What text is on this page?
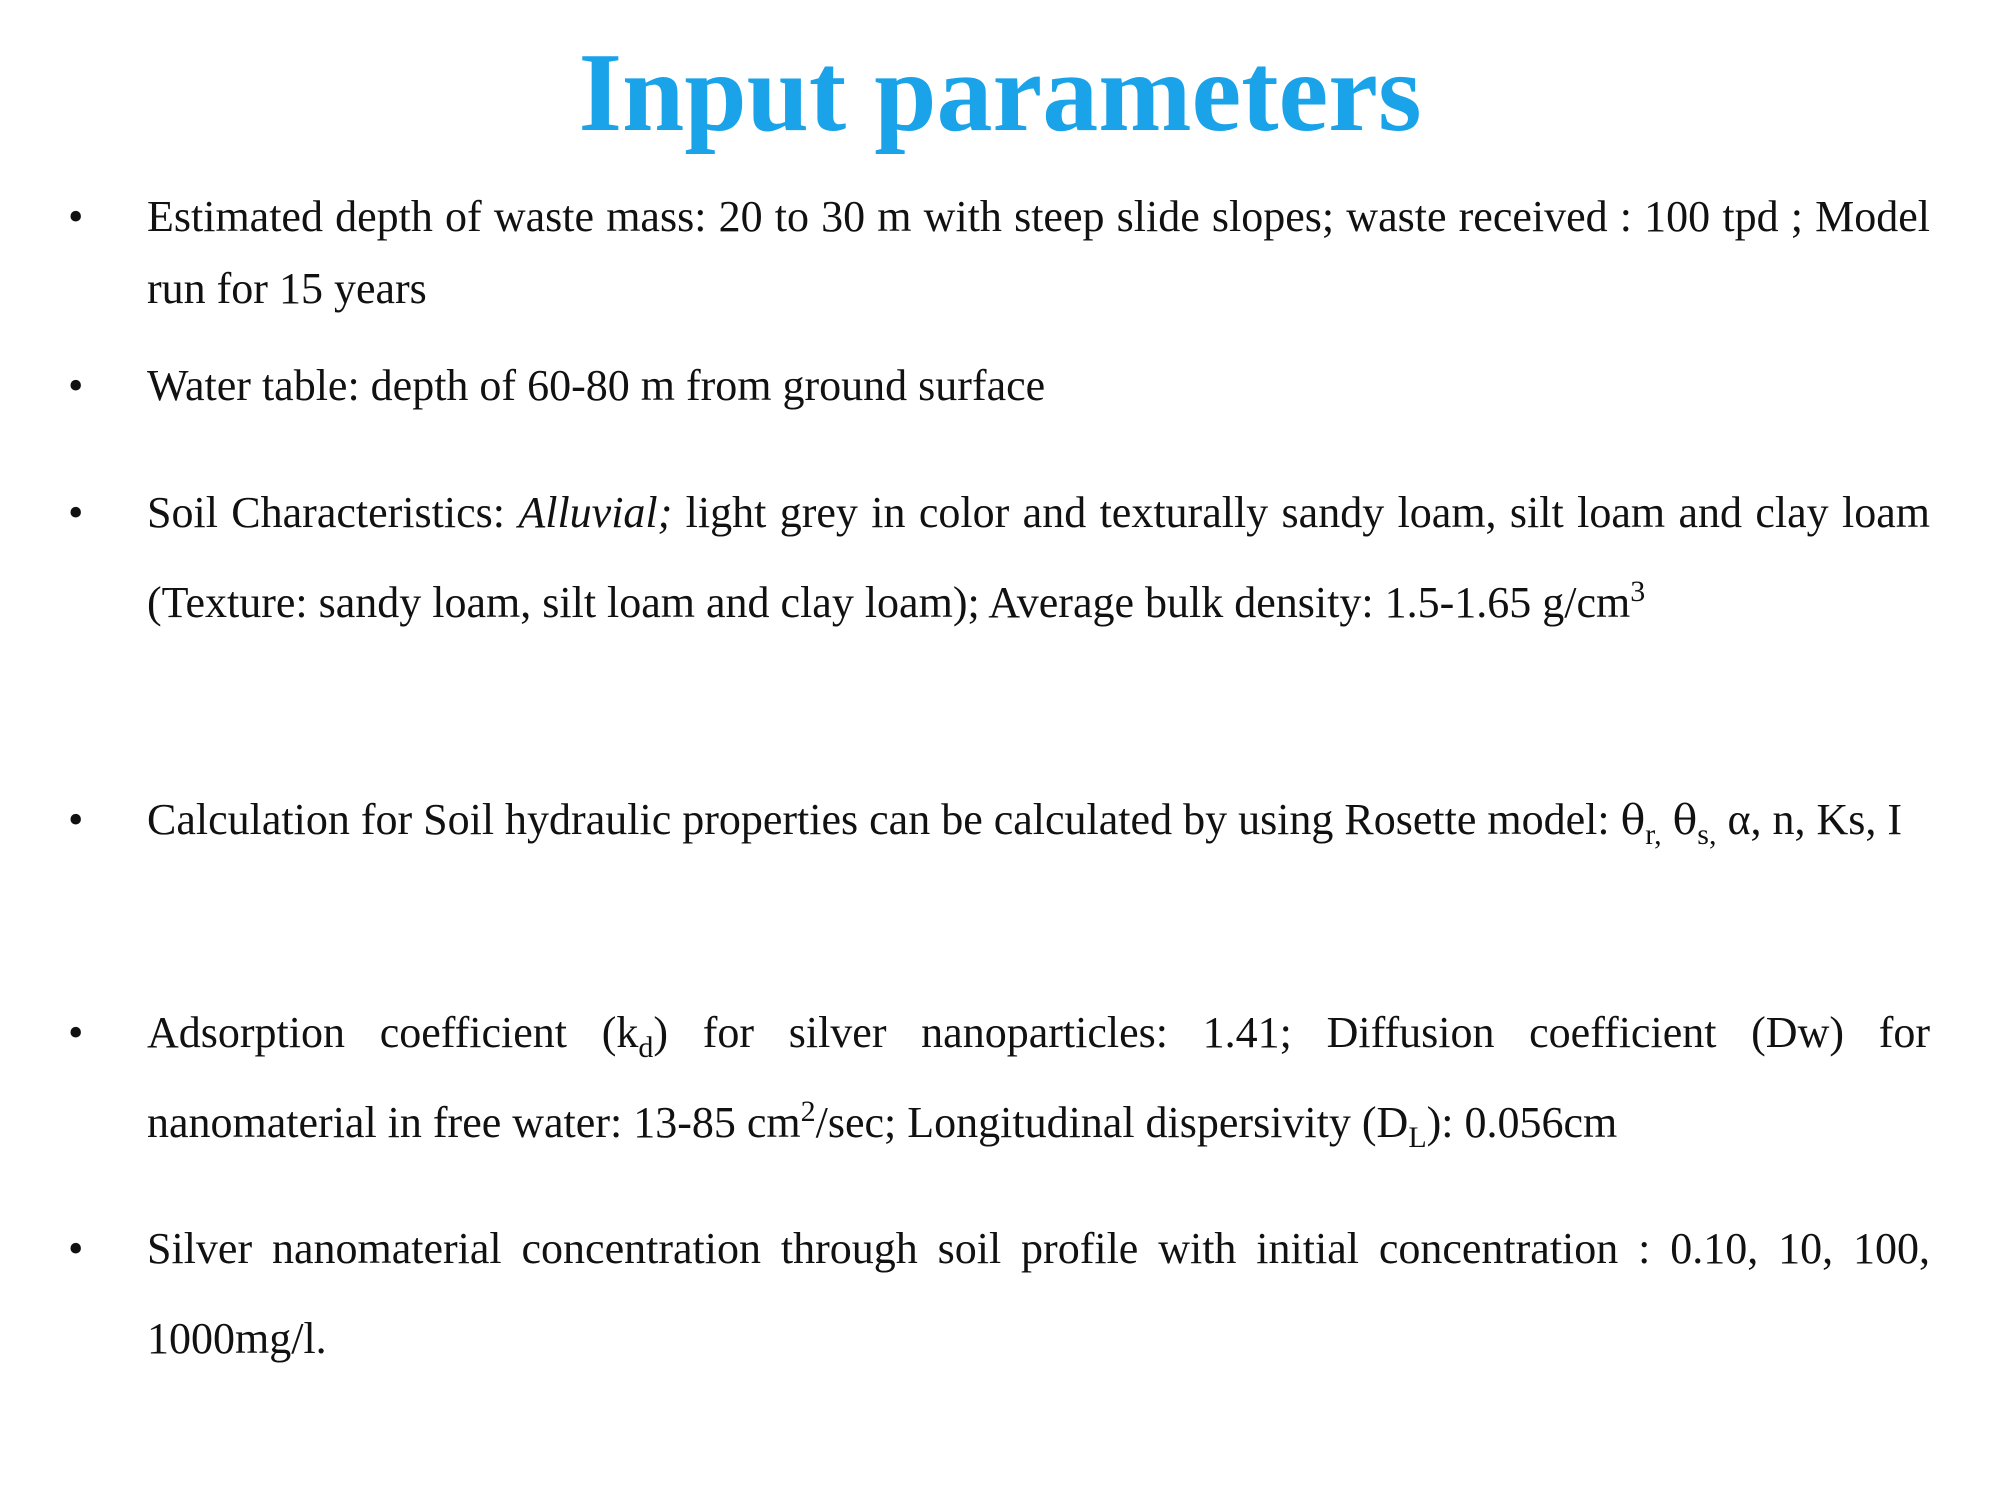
Input parameters
• Estimated depth of waste mass: 20 to 30 m with steep slide slopes; waste received : 100 tpd ; Model run for 15 years
• Water table: depth of 60-80 m from ground surface
• Soil Characteristics: Alluvial; light grey in color and texturally sandy loam, silt loam and clay loam (Texture: sandy loam, silt loam and clay loam); Average bulk density: 1.5-1.65 $g/cm^3$
• Calculation for Soil hydraulic properties can be calculated by using Rosette model: $\theta_{r,}$ $\theta_{s,}$ α, n, Ks, I
• Adsorption coefficient $(k_d)$ for silver nanoparticles: 1.41; Diffusion coefficient (Dw) for nanomaterial in free water: 13-85 $cm^2/\sec$; Longitudinal dispersivity $(D_L)$: 0.056cm
• Silver nanomaterial concentration through soil profile with initial concentration : 0.10, 10, 100, 1000mg/l.
